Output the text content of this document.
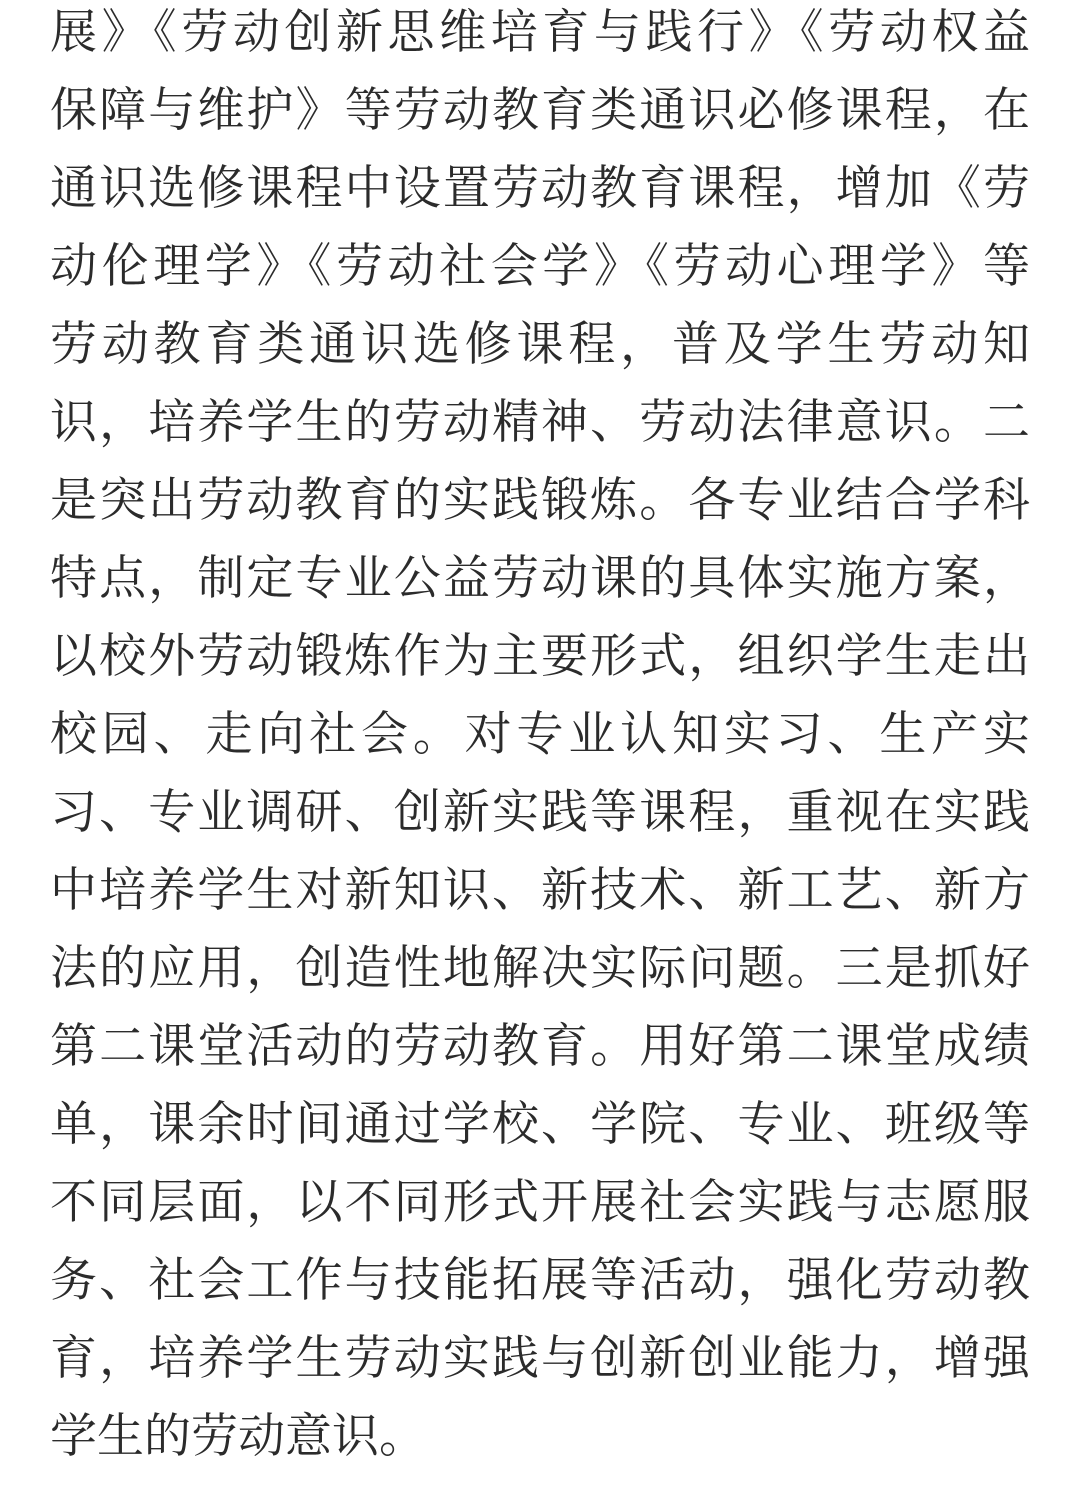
展》《劳动创新思维培育与践行》《劳动权益
保障与维护》等劳动教育类通识必修课程，在
通识选修课程中设置劳动教育课程，增加《劳
动伦理学》《劳动社会学》《劳动心理学》等
劳动教育类通识选修课程，普及学生劳动知
识，培养学生的劳动精神、劳动法律意识。二
是突出劳动教育的实践锻炼。各专业结合学科
特点，制定专业公益劳动课的具体实施方案，
以校外劳动锻炼作为主要形式，组织学生走出
校园、走向社会。对专业认知实习、生产实
习、专业调研、创新实践等课程，重视在实践
中培养学生对新知识、新技术、新工艺、新方
法的应用，创造性地解决实际问题。三是抓好
第二课堂活动的劳动教育。用好第二课堂成绩
单，课余时间通过学校、学院、专业、班级等
不同层面，以不同形式开展社会实践与志愿服
务、社会工作与技能拓展等活动，强化劳动教
育，培养学生劳动实践与创新创业能力，增强
学生的劳动意识。
